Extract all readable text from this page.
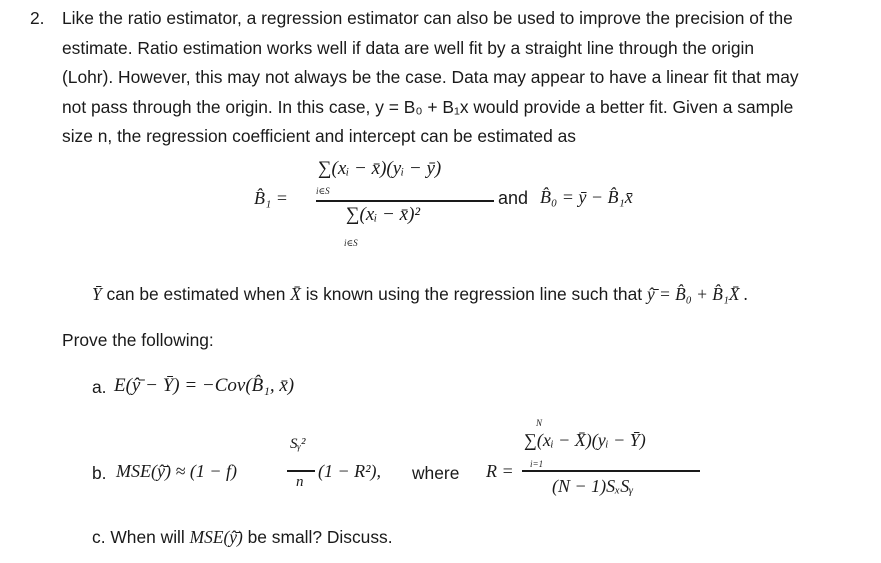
2. Like the ratio estimator, a regression estimator can also be used to improve the precision of the
estimate. Ratio estimation works well if data are well fit by a straight line through the origin
(Lohr). However, this may not always be the case. Data may appear to have a linear fit that may
not pass through the origin. In this case, y = B₀ + B₁x would provide a better fit. Given a sample
size n, the regression coefficient and intercept can be estimated as
B̂₁ =
∑(xᵢ − x̄)(yᵢ − ȳ)
i∈S
∑(xᵢ − x̄)²
i∈S
and B̂₀ = ȳ − B̂₁x̄
Ȳ can be estimated when X̄ is known using the regression line such that ŷ̄ = B̂₀ + B̂₁X̄ .
Prove the following:
a. E(ŷ̄ − Ȳ) = −Cov(B̂₁, x̄)
b. MSE(ŷ̄) ≈ (1 − f)
Sᵧ²
n
(1 − R²), where R =
N
i=1
∑(xᵢ − X̄)(yᵢ − Ȳ)
(N − 1)SₓSᵧ
c. When will MSE(ŷ̄) be small? Discuss.
